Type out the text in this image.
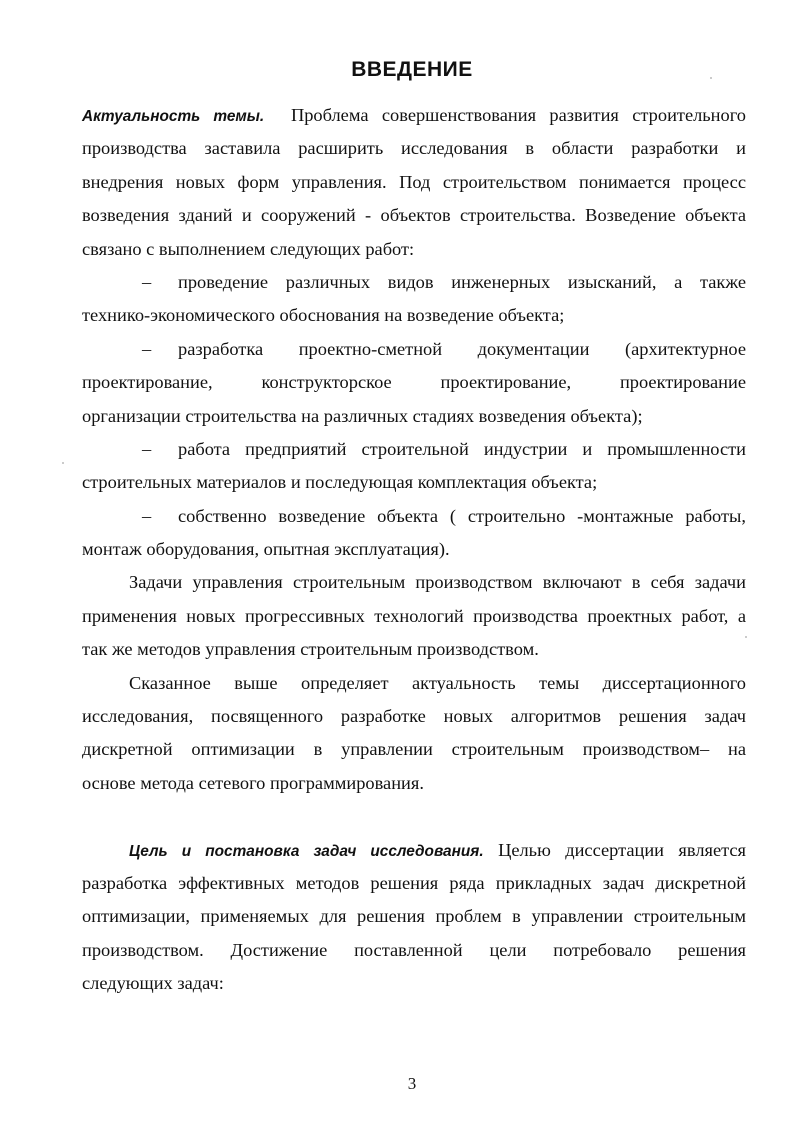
ВВЕДЕНИЕ
Актуальность темы. Проблема совершенствования развития строительного
производства заставила расширить исследования в области разработки и
внедрения новых форм управления. Под строительством понимается процесс
возведения зданий и сооружений - объектов строительства. Возведение объекта
связано с выполнением следующих работ:
– проведение различных видов инженерных изысканий, а также
технико-экономического обоснования на возведение объекта;
– разработка проектно-сметной документации (архитектурное
проектирование, конструкторское проектирование, проектирование
организации строительства на различных стадиях возведения объекта);
– работа предприятий строительной индустрии и промышленности
строительных материалов и последующая комплектация объекта;
– собственно возведение объекта ( строительно -монтажные работы,
монтаж оборудования, опытная эксплуатация).
Задачи управления строительным производством включают в себя задачи
применения новых прогрессивных технологий производства проектных работ, а
так же методов управления строительным производством.
Сказанное выше определяет актуальность темы диссертационного
исследования, посвященного разработке новых алгоритмов решения задач
дискретной оптимизации в управлении строительным производством– на
основе метода сетевого программирования.
Цель и постановка задач исследования. Целью диссертации является
разработка эффективных методов решения ряда прикладных задач дискретной
оптимизации, применяемых для решения проблем в управлении строительным
производством. Достижение поставленной цели потребовало решения
следующих задач:
3
